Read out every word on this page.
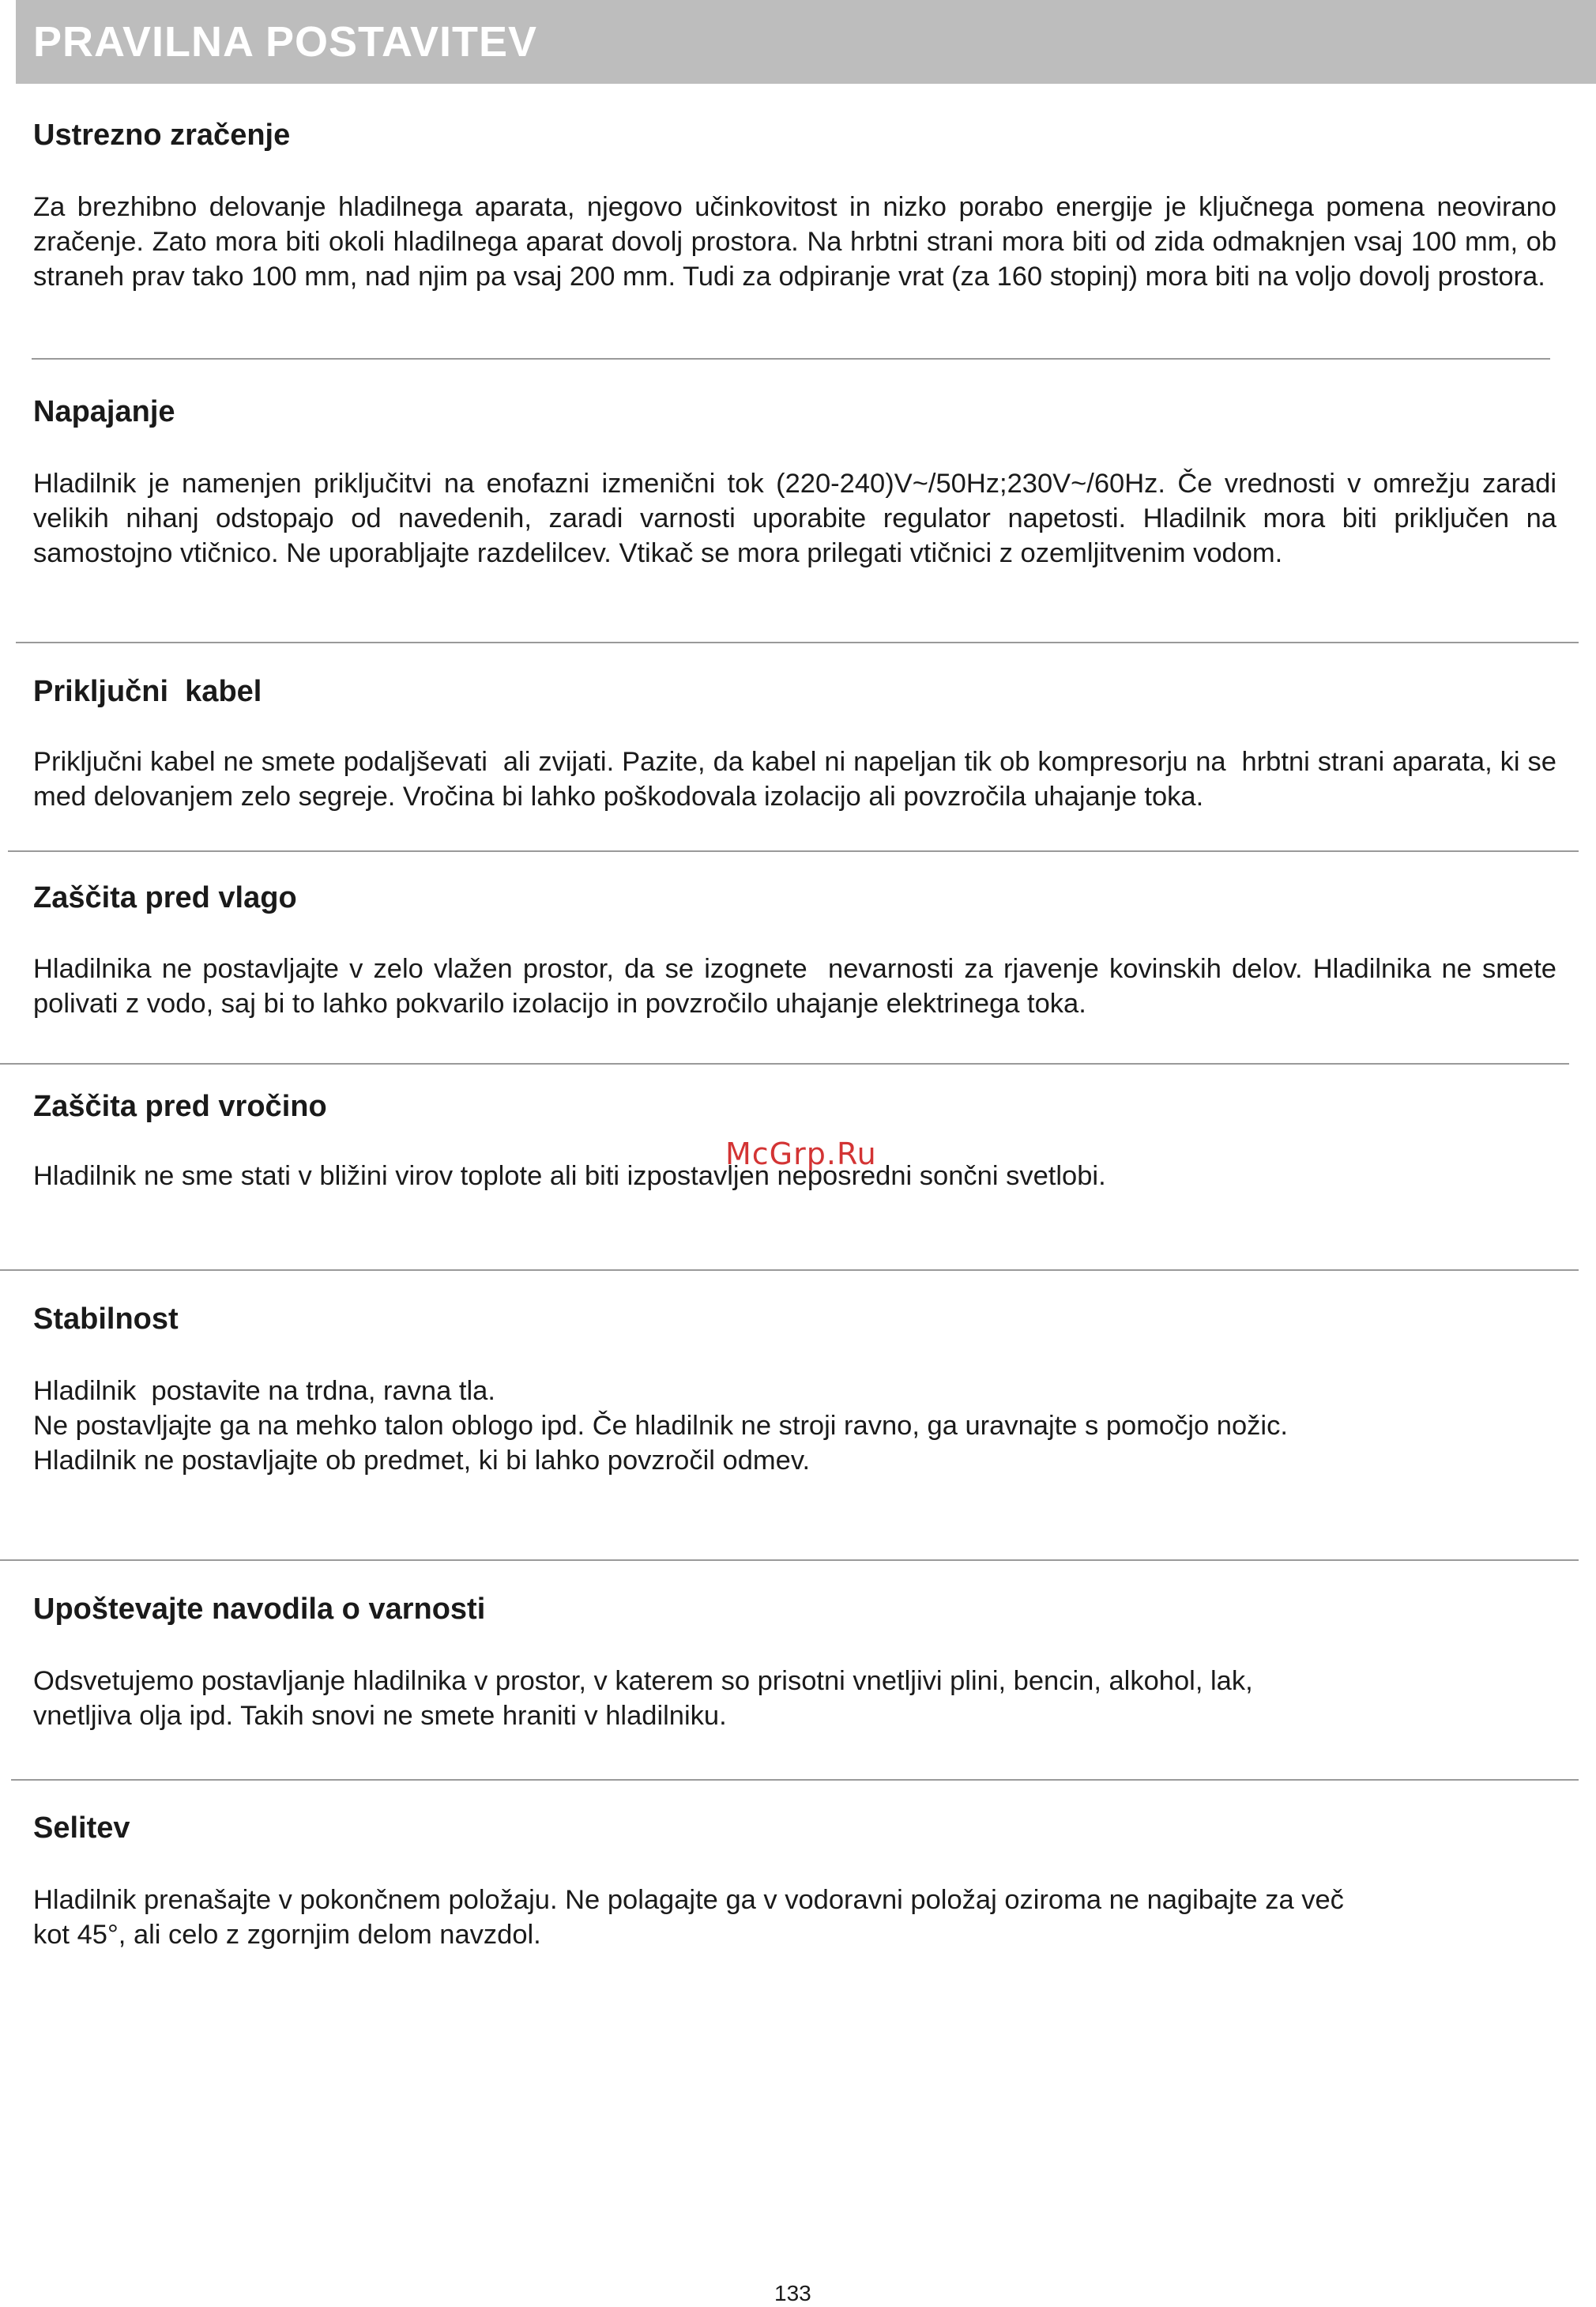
PRAVILNA POSTAVITEV
Ustrezno zračenje
Za brezhibno delovanje hladilnega aparata, njegovo učinkovitost in nizko porabo energije je ključnega pomena neovirano zračenje. Zato mora biti okoli hladilnega aparat dovolj prostora. Na hrbtni strani mora biti od zida odmaknjen vsaj 100 mm, ob straneh prav tako 100 mm, nad njim pa vsaj 200 mm. Tudi za odpiranje vrat (za 160 stopinj) mora biti na voljo dovolj prostora.
Napajanje
Hladilnik je namenjen priključitvi na enofazni izmenični tok (220-240)V~/50Hz;230V~/60Hz. Če vrednosti v omrežju zaradi velikih nihanj odstopajo od navedenih, zaradi varnosti uporabite regulator napetosti. Hladilnik mora biti priključen na samostojno vtičnico. Ne uporabljajte razdelilcev. Vtikač se mora prilegati vtičnici z ozemljitvenim vodom.
Priključni  kabel
Priključni kabel ne smete podaljševati  ali zvijati. Pazite, da kabel ni napeljan tik ob kompresorju na  hrbtni strani aparata, ki se med delovanjem zelo segreje. Vročina bi lahko poškodovala izolacijo ali povzročila uhajanje toka.
Zaščita pred vlago
Hladilnika ne postavljajte v zelo vlažen prostor, da se izognete  nevarnosti za rjavenje kovinskih delov. Hladilnika ne smete polivati z vodo, saj bi to lahko pokvarilo izolacijo in povzročilo uhajanje elektrinega toka.
Zaščita pred vročino
McGrp.Ru
Hladilnik ne sme stati v bližini virov toplote ali biti izpostavljen neposredni sončni svetlobi.
Stabilnost
Hladilnik  postavite na trdna, ravna tla.
Ne postavljajte ga na mehko talon oblogo ipd. Če hladilnik ne stroji ravno, ga uravnajte s pomočjo nožic.
Hladilnik ne postavljajte ob predmet, ki bi lahko povzročil odmev.
Upoštevajte navodila o varnosti
Odsvetujemo postavljanje hladilnika v prostor, v katerem so prisotni vnetljivi plini, bencin, alkohol, lak,
vnetljiva olja ipd. Takih snovi ne smete hraniti v hladilniku.
Selitev
Hladilnik prenašajte v pokončnem položaju. Ne polagajte ga v vodoravni položaj oziroma ne nagibajte za več
kot 45°, ali celo z zgornjim delom navzdol.
133
